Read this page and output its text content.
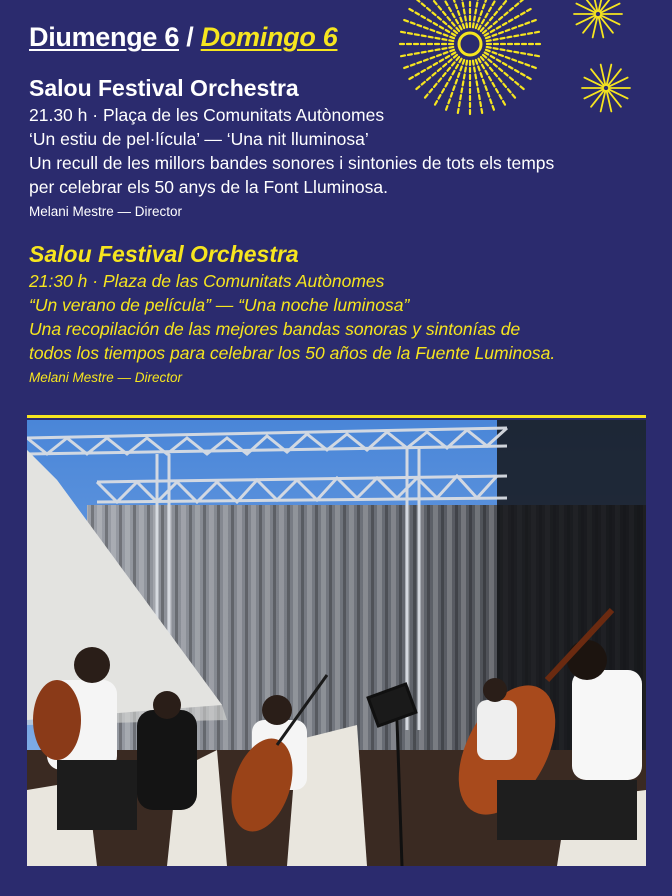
Diumenge 6 / Domingo 6
Salou Festival Orchestra
21.30 h · Plaça de les Comunitats Autònomes
‘Un estiu de pel·lícula’ — ‘Una nit lluminosa’
Un recull de les millors bandes sonores i sintonies de tots els temps
per celebrar els 50 anys de la Font Lluminosa.
Melani Mestre — Director
Salou Festival Orchestra
21:30 h · Plaza de las Comunitats Autònomes
“Un verano de película” — “Una noche luminosa”
Una recopilación de las mejores bandas sonoras y sintonías de
todos los tiempos para celebrar los 50 años de la Fuente Luminosa.
Melani Mestre — Director
